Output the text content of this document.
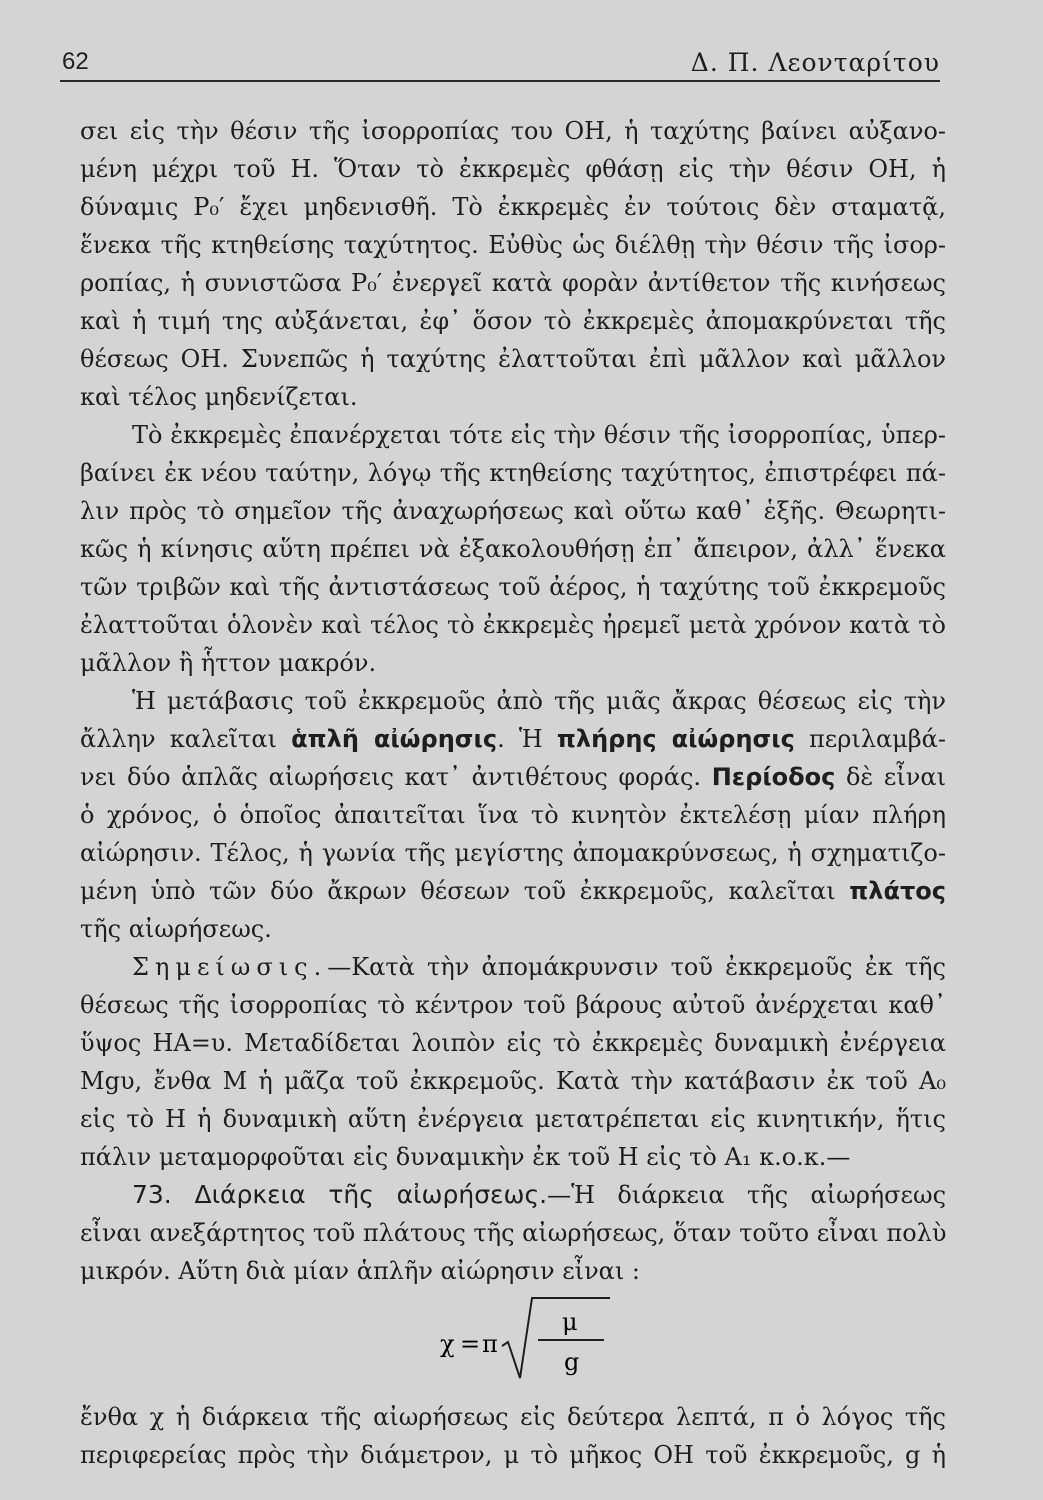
62	Δ. Π. Λεονταρίτου
σει εἰς τὴν θέσιν τῆς ἰσορροπίας του ΟΗ, ἡ ταχύτης βαίνει αὐξανο-
μένη μέχρι τοῦ Η. Ὅταν τὸ ἐκκρεμὲς φθάσῃ εἰς τὴν θέσιν ΟΗ, ἡ
δύναμις Ρ₀′ ἔχει μηδενισθῆ. Τὸ ἐκκρεμὲς ἐν τούτοις δὲν σταματᾷ,
ἕνεκα τῆς κτηθείσης ταχύτητος. Εὐθὺς ὡς διέλθῃ τὴν θέσιν τῆς ἰσορ-
ροπίας, ἡ συνιστῶσα Ρ₀′ ἐνεργεῖ κατὰ φορὰν ἀντίθετον τῆς κινήσεως
καὶ ἡ τιμή της αὐξάνεται, ἐφ᾽ ὅσον τὸ ἐκκρεμὲς ἀπομακρύνεται τῆς
θέσεως ΟΗ. Συνεπῶς ἡ ταχύτης ἐλαττοῦται ἐπὶ μᾶλλον καὶ μᾶλλον
καὶ τέλος μηδενίζεται.
Τὸ ἐκκρεμὲς ἐπανέρχεται τότε εἰς τὴν θέσιν τῆς ἰσορροπίας, ὑπερ-
βαίνει ἐκ νέου ταύτην, λόγῳ τῆς κτηθείσης ταχύτητος, ἐπιστρέφει πά-
λιν πρὸς τὸ σημεῖον τῆς ἀναχωρήσεως καὶ οὕτω καθ᾽ ἑξῆς. Θεωρητι-
κῶς ἡ κίνησις αὕτη πρέπει νὰ ἐξακολουθήσῃ ἐπ᾽ ἄπειρον, ἀλλ᾽ ἕνεκα
τῶν τριβῶν καὶ τῆς ἀντιστάσεως τοῦ ἀέρος, ἡ ταχύτης τοῦ ἐκκρεμοῦς
ἐλαττοῦται ὁλονὲν καὶ τέλος τὸ ἐκκρεμὲς ἠρεμεῖ μετὰ χρόνον κατὰ τὸ
μᾶλλον ἢ ἧττον μακρόν.
Ἡ μετάβασις τοῦ ἐκκρεμοῦς ἀπὸ τῆς μιᾶς ἄκρας θέσεως εἰς τὴν
ἄλλην καλεῖται ἁπλῆ αἰώρησις. Ἡ πλήρης αἰώρησις περιλαμβά-
νει δύο ἁπλᾶς αἰωρήσεις κατ᾽ ἀντιθέτους φοράς. Περίοδος δὲ εἶναι
ὁ χρόνος, ὁ ὁποῖος ἀπαιτεῖται ἵνα τὸ κινητὸν ἐκτελέσῃ μίαν πλήρη
αἰώρησιν. Τέλος, ἡ γωνία τῆς μεγίστης ἀπομακρύνσεως, ἡ σχηματιζο-
μένη ὑπὸ τῶν δύο ἄκρων θέσεων τοῦ ἐκκρεμοῦς, καλεῖται πλάτος
τῆς αἰωρήσεως.
Σημείωσις.—Κατὰ τὴν ἀπομάκρυνσιν τοῦ ἐκκρεμοῦς ἐκ τῆς
θέσεως τῆς ἰσορροπίας τὸ κέντρον τοῦ βάρους αὐτοῦ ἀνέρχεται καθ᾽
ὕψος ΗΑ=υ. Μεταδίδεται λοιπὸν εἰς τὸ ἐκκρεμὲς δυναμικὴ ἐνέργεια
Mgυ, ἔνθα M ἡ μᾶζα τοῦ ἐκκρεμοῦς. Κατὰ τὴν κατάβασιν ἐκ τοῦ Α₀
εἰς τὸ Η ἡ δυναμικὴ αὕτη ἐνέργεια μετατρέπεται εἰς κινητικήν, ἥτις
πάλιν μεταμορφοῦται εἰς δυναμικὴν ἐκ τοῦ Η εἰς τὸ Α₁ κ.ο.κ.—
73. Διάρκεια τῆς αἰωρήσεως.—Ἡ διάρκεια τῆς αἰωρήσεως
εἶναι ανεξάρτητος τοῦ πλάτους τῆς αἰωρήσεως, ὅταν τοῦτο εἶναι πολὺ
μικρόν. Αὕτη διὰ μίαν ἁπλῆν αἰώρησιν εἶναι :
χ = π
μ
g
ἔνθα χ ἡ διάρκεια τῆς αἰωρήσεως εἰς δεύτερα λεπτά, π ὁ λόγος τῆς
περιφερείας πρὸς τὴν διάμετρον, μ τὸ μῆκος ΟΗ τοῦ ἐκκρεμοῦς, g ἡ
